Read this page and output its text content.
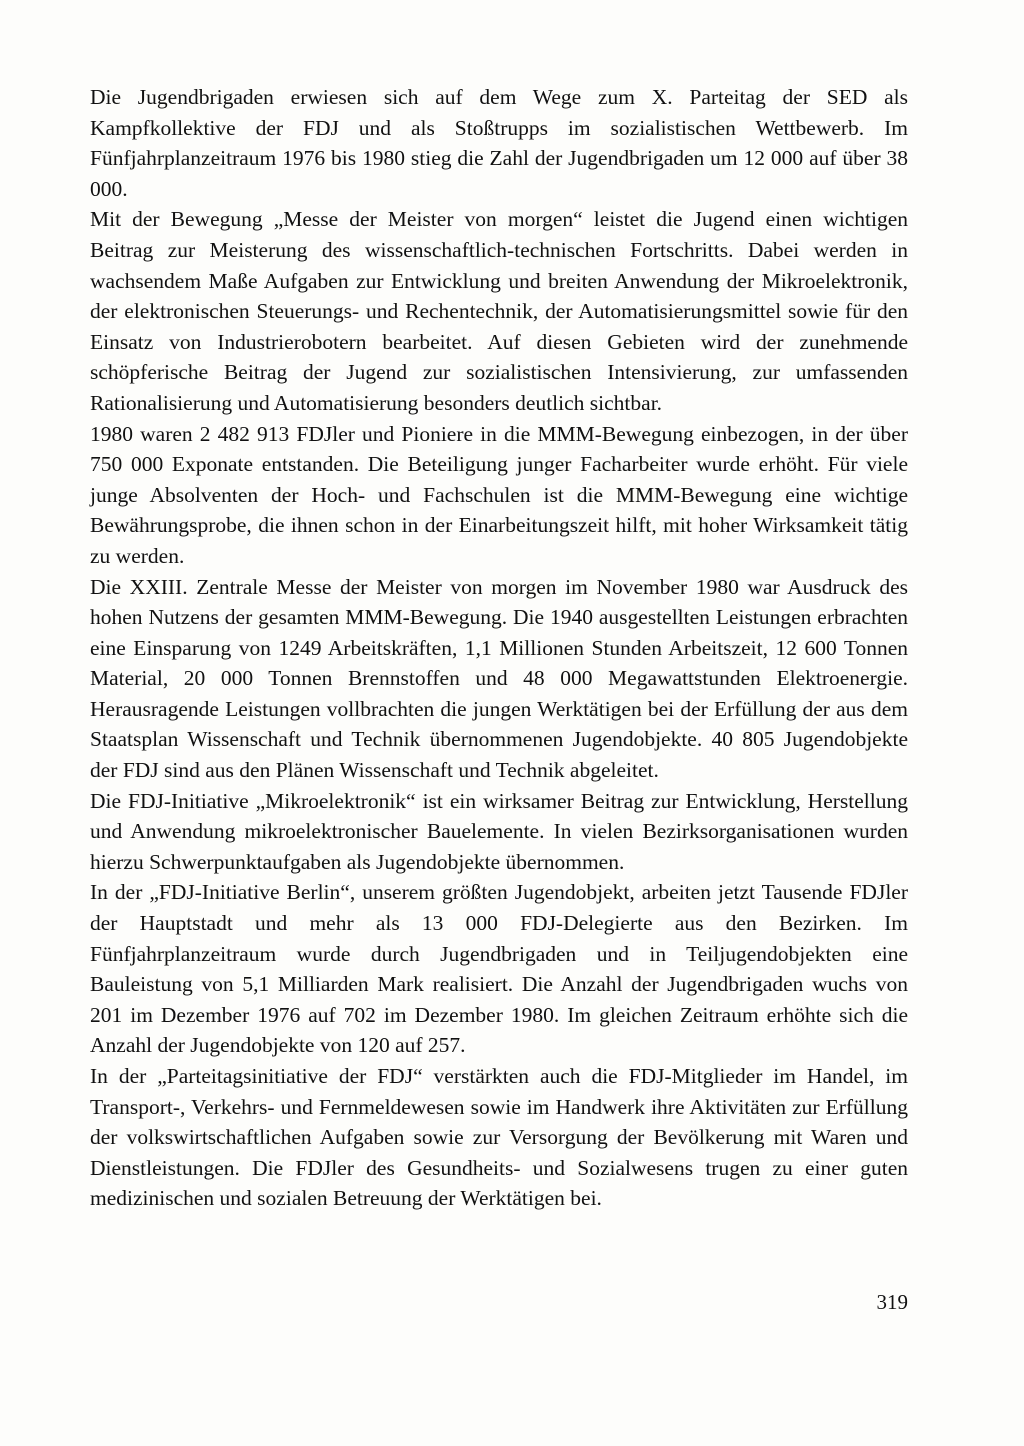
Die Jugendbrigaden erwiesen sich auf dem Wege zum X. Parteitag der SED als Kampfkollektive der FDJ und als Stoßtrupps im sozialistischen Wettbewerb. Im Fünfjahrplanzeitraum 1976 bis 1980 stieg die Zahl der Jugendbrigaden um 12 000 auf über 38 000.

Mit der Bewegung „Messe der Meister von morgen“ leistet die Jugend einen wichtigen Beitrag zur Meisterung des wissenschaftlich-technischen Fortschritts. Dabei werden in wachsendem Maße Aufgaben zur Entwicklung und breiten Anwendung der Mikroelektronik, der elektronischen Steuerungs- und Rechentechnik, der Automatisierungsmittel sowie für den Einsatz von Industrierobotern bearbeitet. Auf diesen Gebieten wird der zunehmende schöpferische Beitrag der Jugend zur sozialistischen Intensivierung, zur umfassenden Rationalisierung und Automatisierung besonders deutlich sichtbar.

1980 waren 2 482 913 FDJler und Pioniere in die MMM-Bewegung einbezogen, in der über 750 000 Exponate entstanden. Die Beteiligung junger Facharbeiter wurde erhöht. Für viele junge Absolventen der Hoch- und Fachschulen ist die MMM-Bewegung eine wichtige Bewährungsprobe, die ihnen schon in der Einarbeitungszeit hilft, mit hoher Wirksamkeit tätig zu werden.

Die XXIII. Zentrale Messe der Meister von morgen im November 1980 war Ausdruck des hohen Nutzens der gesamten MMM-Bewegung. Die 1940 ausgestellten Leistungen erbrachten eine Einsparung von 1249 Arbeitskräften, 1,1 Millionen Stunden Arbeitszeit, 12 600 Tonnen Material, 20 000 Tonnen Brennstoffen und 48 000 Megawattstunden Elektroenergie. Herausragende Leistungen vollbrachten die jungen Werktätigen bei der Erfüllung der aus dem Staatsplan Wissenschaft und Technik übernommenen Jugendobjekte. 40 805 Jugendobjekte der FDJ sind aus den Plänen Wissenschaft und Technik abgeleitet.

Die FDJ-Initiative „Mikroelektronik“ ist ein wirksamer Beitrag zur Entwicklung, Herstellung und Anwendung mikroelektronischer Bauelemente. In vielen Bezirksorganisationen wurden hierzu Schwerpunktaufgaben als Jugendobjekte übernommen.

In der „FDJ-Initiative Berlin“, unserem größten Jugendobjekt, arbeiten jetzt Tausende FDJler der Hauptstadt und mehr als 13 000 FDJ-Delegierte aus den Bezirken. Im Fünfjahrplanzeitraum wurde durch Jugendbrigaden und in Teiljugendobjekten eine Bauleistung von 5,1 Milliarden Mark realisiert. Die Anzahl der Jugendbrigaden wuchs von 201 im Dezember 1976 auf 702 im Dezember 1980. Im gleichen Zeitraum erhöhte sich die Anzahl der Jugendobjekte von 120 auf 257.

In der „Parteitagsinitiative der FDJ“ verstärkten auch die FDJ-Mitglieder im Handel, im Transport-, Verkehrs- und Fernmeldewesen sowie im Handwerk ihre Aktivitäten zur Erfüllung der volkswirtschaftlichen Aufgaben sowie zur Versorgung der Bevölkerung mit Waren und Dienstleistungen. Die FDJler des Gesundheits- und Sozialwesens trugen zu einer guten medizinischen und sozialen Betreuung der Werktätigen bei.

319
